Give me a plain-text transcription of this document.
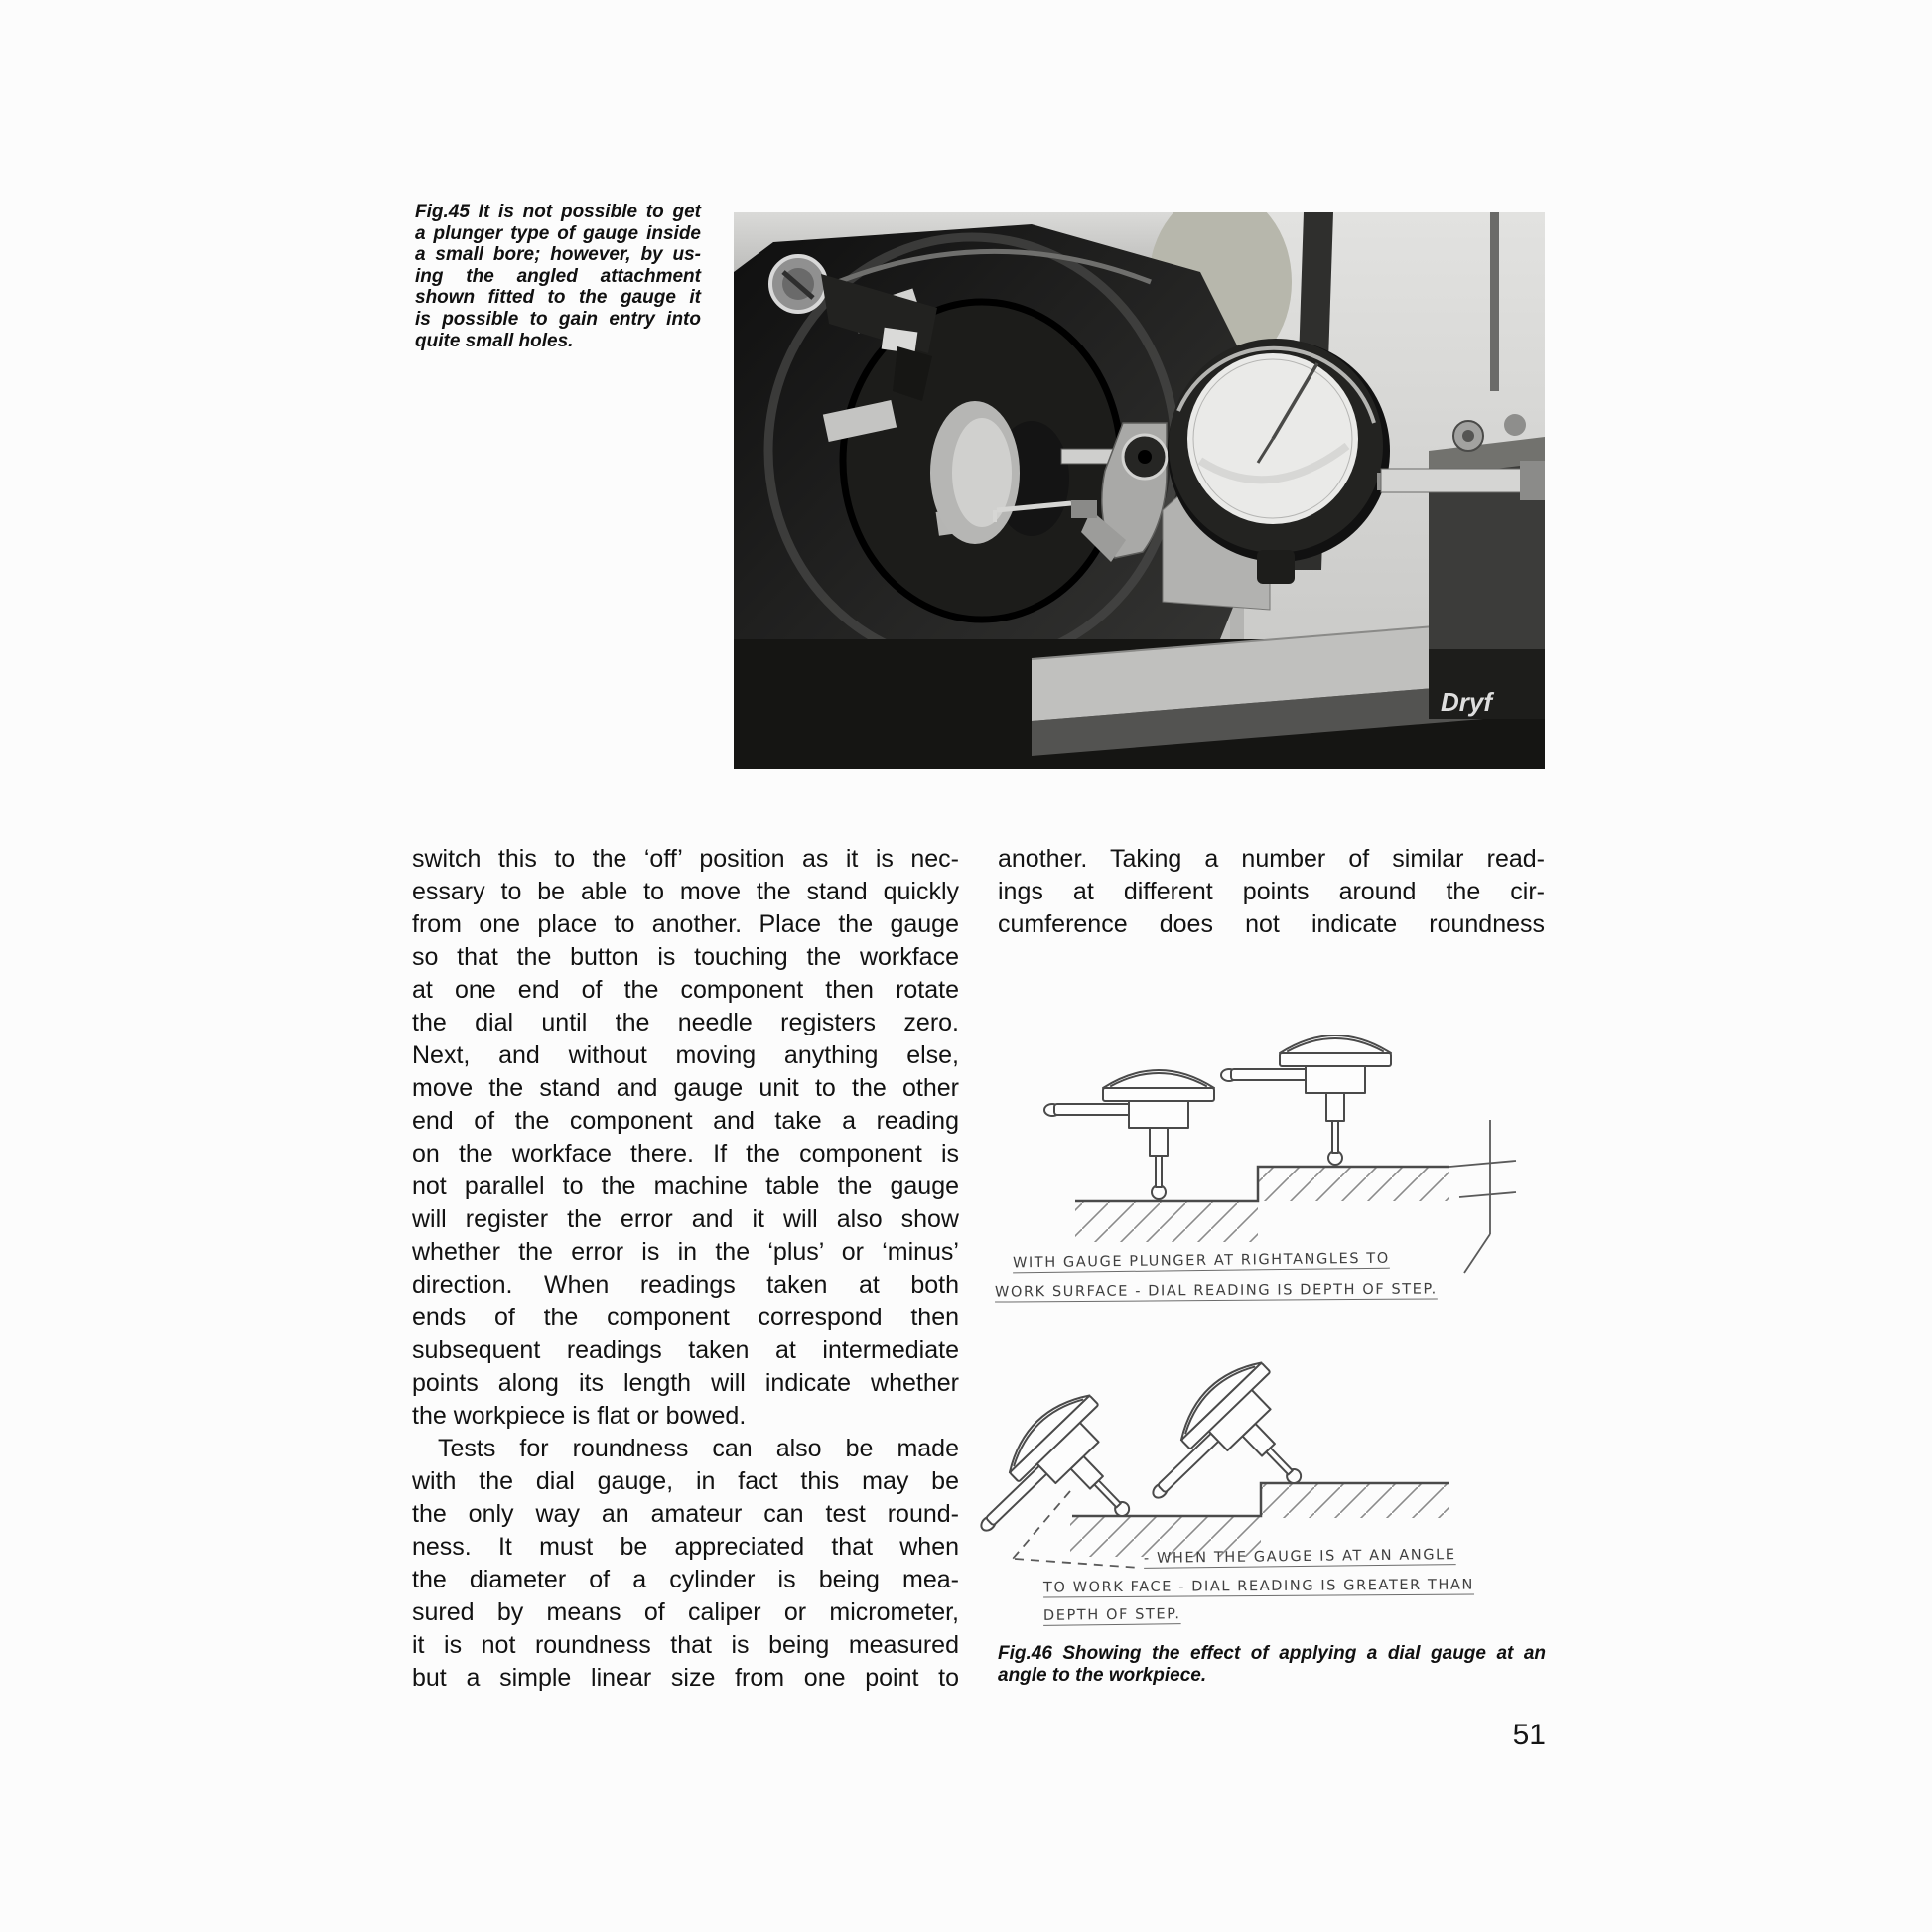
Fig.45 It is not possible to get
a plunger type of gauge inside
a small bore; however, by us-
ing the angled attachment
shown fitted to the gauge it
is possible to gain entry into
quite small holes.
Dryf
switch this to the ‘off’ position as it is nec-
essary to be able to move the stand quickly
from one place to another. Place the gauge
so that the button is touching the workface
at one end of the component then rotate
the dial until the needle registers zero.
Next, and without moving anything else,
move the stand and gauge unit to the other
end of the component and take a reading
on the workface there. If the component is
not parallel to the machine table the gauge
will register the error and it will also show
whether the error is in the ‘plus’ or ‘minus’
direction. When readings taken at both
ends of the component correspond then
subsequent readings taken at intermediate
points along its length will indicate whether
the workpiece is flat or bowed.
Tests for roundness can also be made
with the dial gauge, in fact this may be
the only way an amateur can test round-
ness. It must be appreciated that when
the diameter of a cylinder is being mea-
sured by means of caliper or micrometer,
it is not roundness that is being measured
but a simple linear size from one point to
another. Taking a number of similar read-
ings at different points around the cir-
cumference does not indicate roundness
WITH GAUGE PLUNGER AT RIGHTANGLES TO
WORK SURFACE - DIAL READING IS DEPTH OF STEP.
- WHEN THE GAUGE IS AT AN ANGLE
TO WORK FACE - DIAL READING IS GREATER THAN
DEPTH OF STEP.
Fig.46 Showing the effect of applying a dial gauge at an
angle to the workpiece.
51
